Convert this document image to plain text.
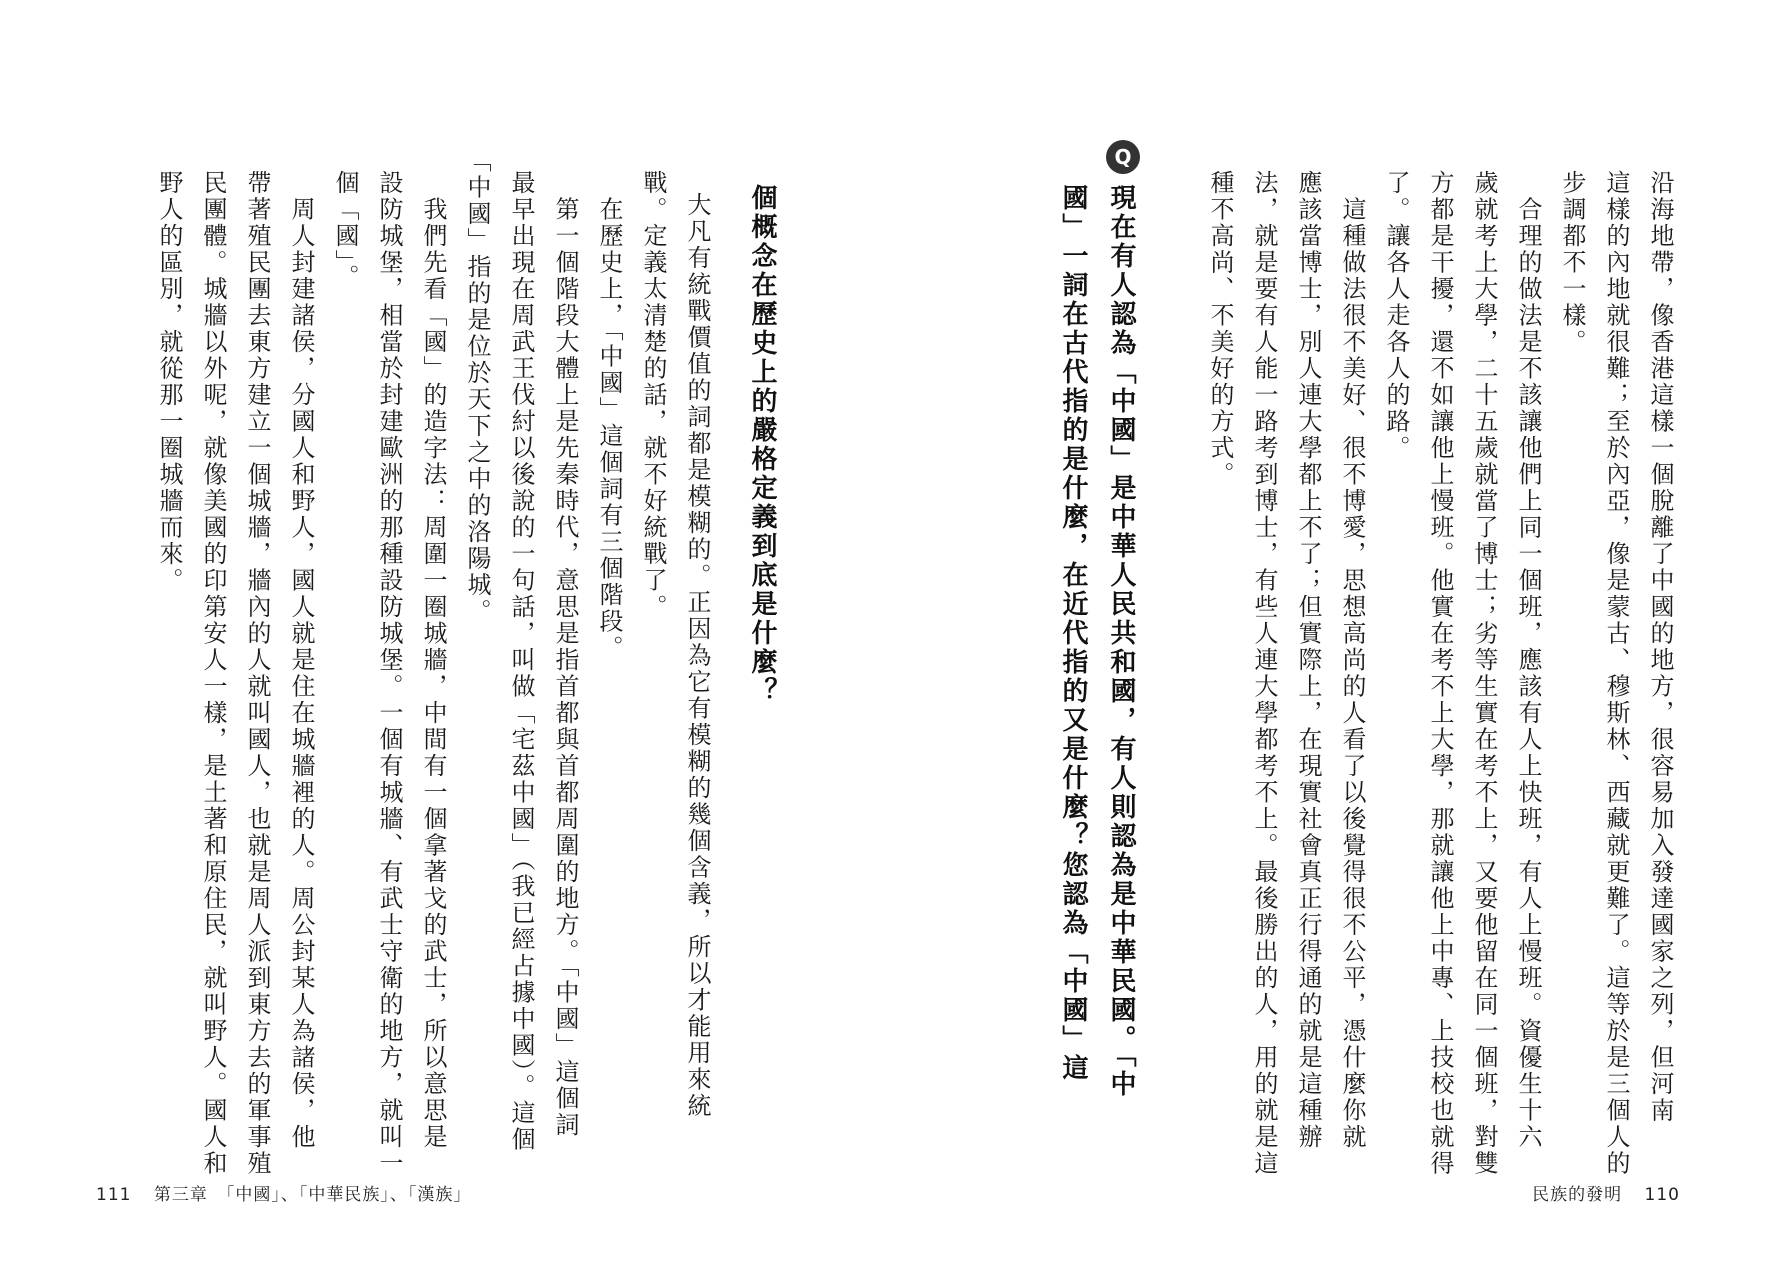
沿海地帶，像香港這樣一個脫離了中國的地方，很容易加入發達國家之列，但河南

這樣的內地就很難；至於內亞，像是蒙古、穆斯林、西藏就更難了。這等於是三個人的

步調都不一樣。

　合理的做法是不該讓他們上同一個班，應該有人上快班，有人上慢班。資優生十六

歲就考上大學，二十五歲就當了博士；劣等生實在考不上，又要他留在同一個班，對雙

方都是干擾，還不如讓他上慢班。他實在考不上大學，那就讓他上中專、上技校也就得

了。讓各人走各人的路。

　這種做法很不美好、很不博愛，思想高尚的人看了以後覺得很不公平，憑什麼你就

應該當博士，別人連大學都上不了；但實際上，在現實社會真正行得通的就是這種辦

法，就是要有人能一路考到博士，有些人連大學都考不上。最後勝出的人，用的就是這

種不高尚、不美好的方式。

Q

現在有人認為「中國」是中華人民共和國，有人則認為是中華民國。「中

國」一詞在古代指的是什麼，在近代指的又是什麼？您認為「中國」這

民族的發明 110

個概念在歷史上的嚴格定義到底是什麼？

大凡有統戰價值的詞都是模糊的。正因為它有模糊的幾個含義，所以才能用來統

戰。定義太清楚的話，就不好統戰了。

　在歷史上，「中國」這個詞有三個階段。

　第一個階段大體上是先秦時代，意思是指首都與首都周圍的地方。「中國」這個詞

最早出現在周武王伐紂以後說的一句話，叫做「宅茲中國」（我已經占據中國）。這個

「中國」指的是位於天下之中的洛陽城。

　我們先看「國」的造字法：周圍一圈城牆，中間有一個拿著戈的武士，所以意思是

設防城堡，相當於封建歐洲的那種設防城堡。一個有城牆、有武士守衛的地方，就叫一

個「國」。

　周人封建諸侯，分國人和野人，國人就是住在城牆裡的人。周公封某人為諸侯，他

帶著殖民團去東方建立一個城牆，牆內的人就叫國人，也就是周人派到東方去的軍事殖

民團體。城牆以外呢，就像美國的印第安人一樣，是土著和原住民，就叫野人。國人和

野人的區別，就從那一圈城牆而來。

111 第三章　「中國」、「中華民族」、「漢族」
